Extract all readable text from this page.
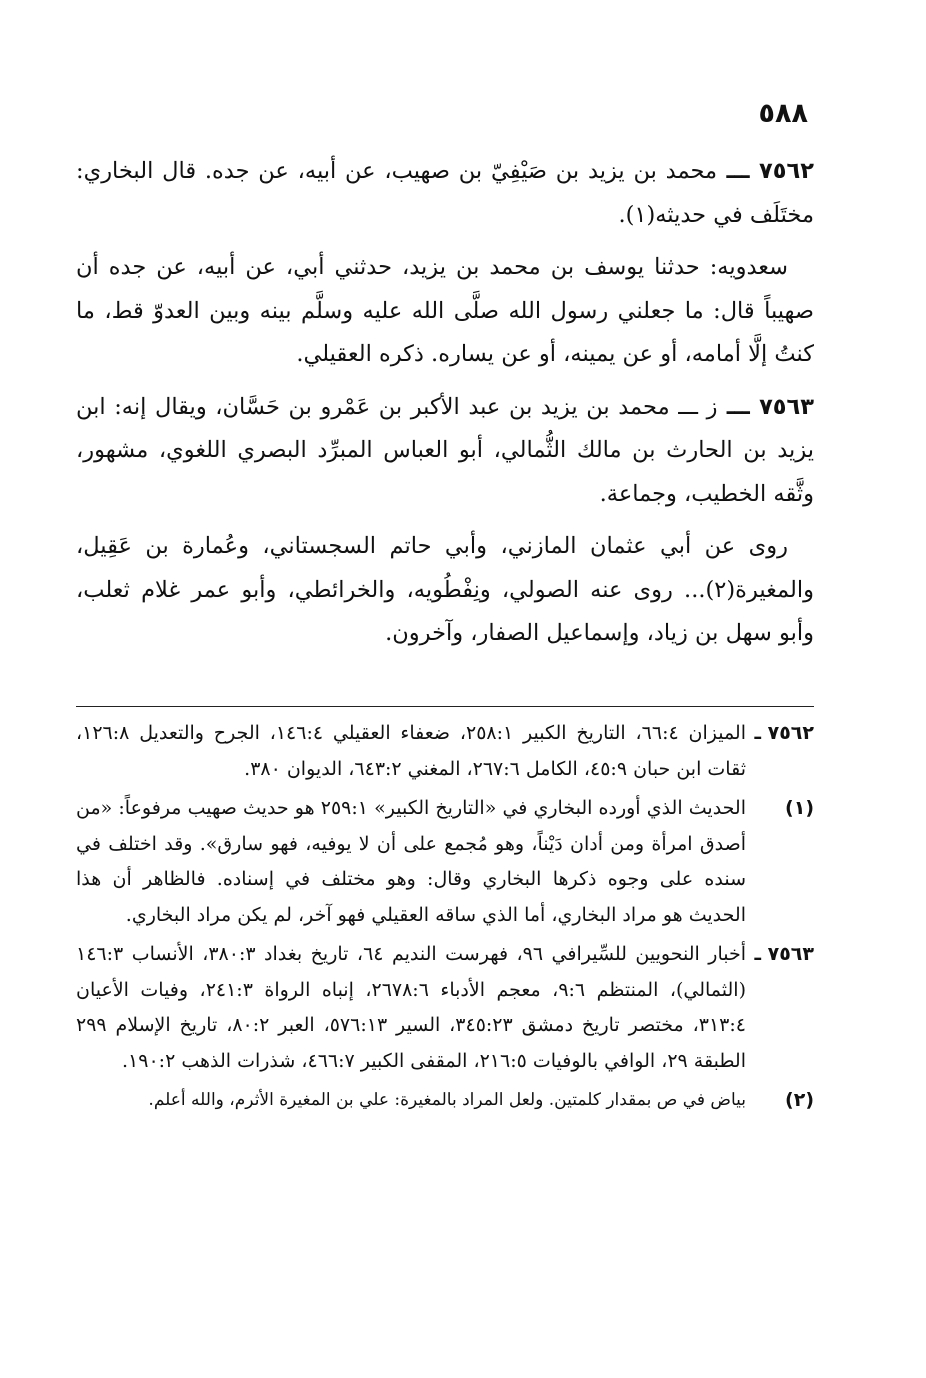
٥٨٨

٧٥٦٢ ـــ محمد بن يزيد بن صَيْفِيّ بن صهيب، عن أبيه، عن جده. قال البخاري: مختَلَف في حديثه(١).

سعدويه: حدثنا يوسف بن محمد بن يزيد، حدثني أبي، عن أبيه، عن جده أن صهيباً قال: ما جعلني رسول الله صلَّى الله عليه وسلَّم بينه وبين العدوّ قط، ما كنتُ إلَّا أمامه، أو عن يمينه، أو عن يساره. ذكره العقيلي.

٧٥٦٣ ـــ ز ـــ محمد بن يزيد بن عبد الأكبر بن عَمْرو بن حَسَّان، ويقال إنه: ابن يزيد بن الحارث بن مالك الثُّمالي، أبو العباس المبرِّد البصري اللغوي، مشهور، وثَّقه الخطيب، وجماعة.

روى عن أبي عثمان المازني، وأبي حاتم السجستاني، وعُمارة بن عَقِيل، والمغيرة(٢)... روى عنه الصولي، ونِفْطُويه، والخرائطي، وأبو عمر غلام ثعلب، وأبو سهل بن زياد، وإسماعيل الصفار، وآخرون.

٧٥٦٢ ـ
الميزان ٦٦:٤، التاريخ الكبير ٢٥٨:١، ضعفاء العقيلي ١٤٦:٤، الجرح والتعديل ١٢٦:٨، ثقات ابن حبان ٤٥:٩، الكامل ٢٦٧:٦، المغني ٦٤٣:٢، الديوان ٣٨٠.
(١)
الحديث الذي أورده البخاري في «التاريخ الكبير» ٢٥٩:١ هو حديث صهيب مرفوعاً: «من أصدق امرأة ومن أدان دَيْناً، وهو مُجمع على أن لا يوفيه، فهو سارق». وقد اختلف في سنده على وجوه ذكرها البخاري وقال: وهو مختلف في إسناده. فالظاهر أن هذا الحديث هو مراد البخاري، أما الذي ساقه العقيلي فهو آخر، لم يكن مراد البخاري.
٧٥٦٣ ـ
أخبار النحويين للسِّيرافي ٩٦، فهرست النديم ٦٤، تاريخ بغداد ٣٨٠:٣، الأنساب ١٤٦:٣ (الثمالي)، المنتظم ٩:٦، معجم الأدباء ٢٦٧٨:٦، إنباه الرواة ٢٤١:٣، وفيات الأعيان ٣١٣:٤، مختصر تاريخ دمشق ٣٤٥:٢٣، السير ٥٧٦:١٣، العبر ٨٠:٢، تاريخ الإسلام ٢٩٩ الطبقة ٢٩، الوافي بالوفيات ٢١٦:٥، المقفى الكبير ٤٦٦:٧، شذرات الذهب ١٩٠:٢.
(٢)
بياض في ص بمقدار كلمتين. ولعل المراد بالمغيرة: علي بن المغيرة الأثرم، والله أعلم.
